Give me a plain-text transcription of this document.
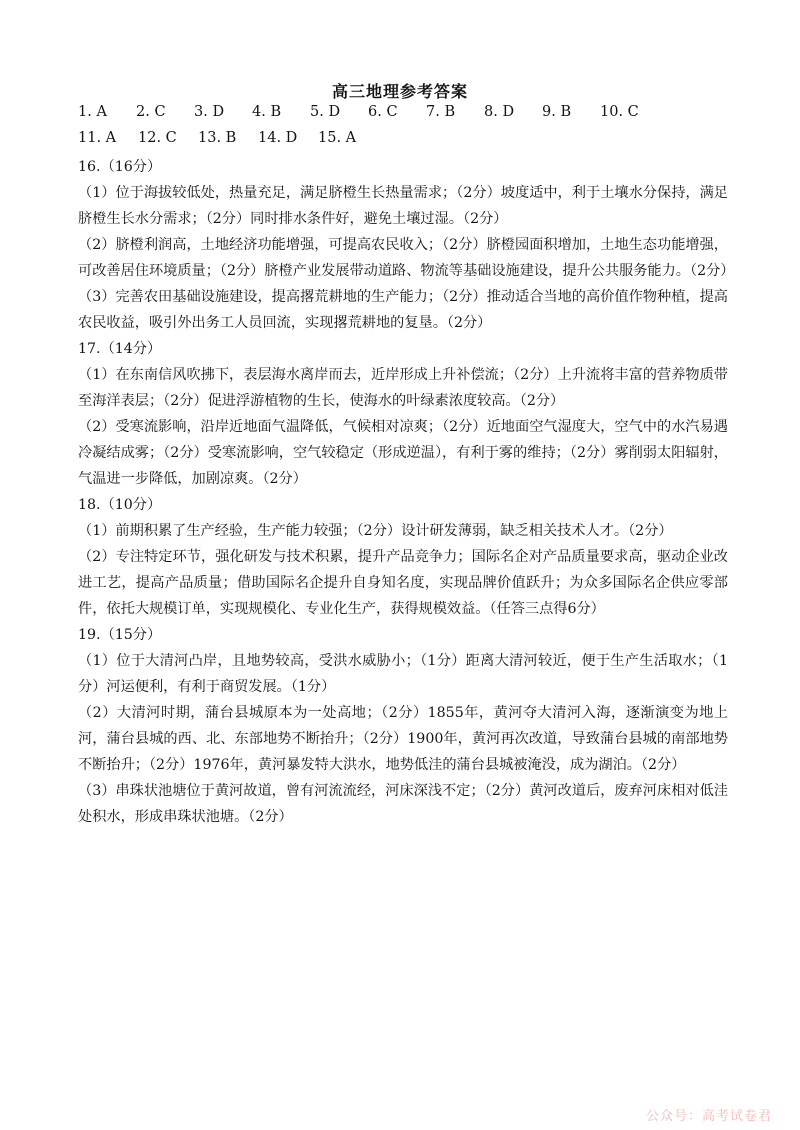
高三地理参考答案
1. A	2. C	3. D	4. B	5. D	6. C	7. B	8. D	9. B	10. C
11. A	12. C	13. B	14. D	15. A

16.（16分）

（1）位于海拔较低处，热量充足，满足脐橙生长热量需求；（2分）坡度适中，利于土壤水分保持，满足脐橙生长水分需求；（2分）同时排水条件好，避免土壤过湿。（2分）

（2）脐橙利润高，土地经济功能增强，可提高农民收入；（2分）脐橙园面积增加，土地生态功能增强，可改善居住环境质量；（2分）脐橙产业发展带动道路、物流等基础设施建设，提升公共服务能力。（2分）

（3）完善农田基础设施建设，提高撂荒耕地的生产能力；（2分）推动适合当地的高价值作物种植，提高农民收益，吸引外出务工人员回流，实现撂荒耕地的复垦。（2分）

17.（14分）

（1）在东南信风吹拂下，表层海水离岸而去，近岸形成上升补偿流；（2分）上升流将丰富的营养物质带至海洋表层；（2分）促进浮游植物的生长，使海水的叶绿素浓度较高。（2分）

（2）受寒流影响，沿岸近地面气温降低，气候相对凉爽；（2分）近地面空气湿度大，空气中的水汽易遇冷凝结成雾；（2分）受寒流影响，空气较稳定（形成逆温），有利于雾的维持；（2分）雾削弱太阳辐射，气温进一步降低，加剧凉爽。（2分）

18.（10分）

（1）前期积累了生产经验，生产能力较强；（2分）设计研发薄弱，缺乏相关技术人才。（2分）

（2）专注特定环节，强化研发与技术积累，提升产品竞争力；国际名企对产品质量要求高，驱动企业改进工艺，提高产品质量；借助国际名企提升自身知名度，实现品牌价值跃升；为众多国际名企供应零部件，依托大规模订单，实现规模化、专业化生产，获得规模效益。（任答三点得6分）

19.（15分）

（1）位于大清河凸岸，且地势较高，受洪水威胁小；（1分）距离大清河较近，便于生产生活取水；（1分）河运便利，有利于商贸发展。（1分）

（2）大清河时期，蒲台县城原本为一处高地；（2分）1855年，黄河夺大清河入海，逐渐演变为地上河，蒲台县城的西、北、东部地势不断抬升；（2分）1900年，黄河再次改道，导致蒲台县城的南部地势不断抬升；（2分）1976年，黄河暴发特大洪水，地势低洼的蒲台县城被淹没，成为湖泊。（2分）

（3）串珠状池塘位于黄河故道，曾有河流流经，河床深浅不定；（2分）黄河改道后，废弃河床相对低洼处积水，形成串珠状池塘。（2分）

公众号：高考试卷君
